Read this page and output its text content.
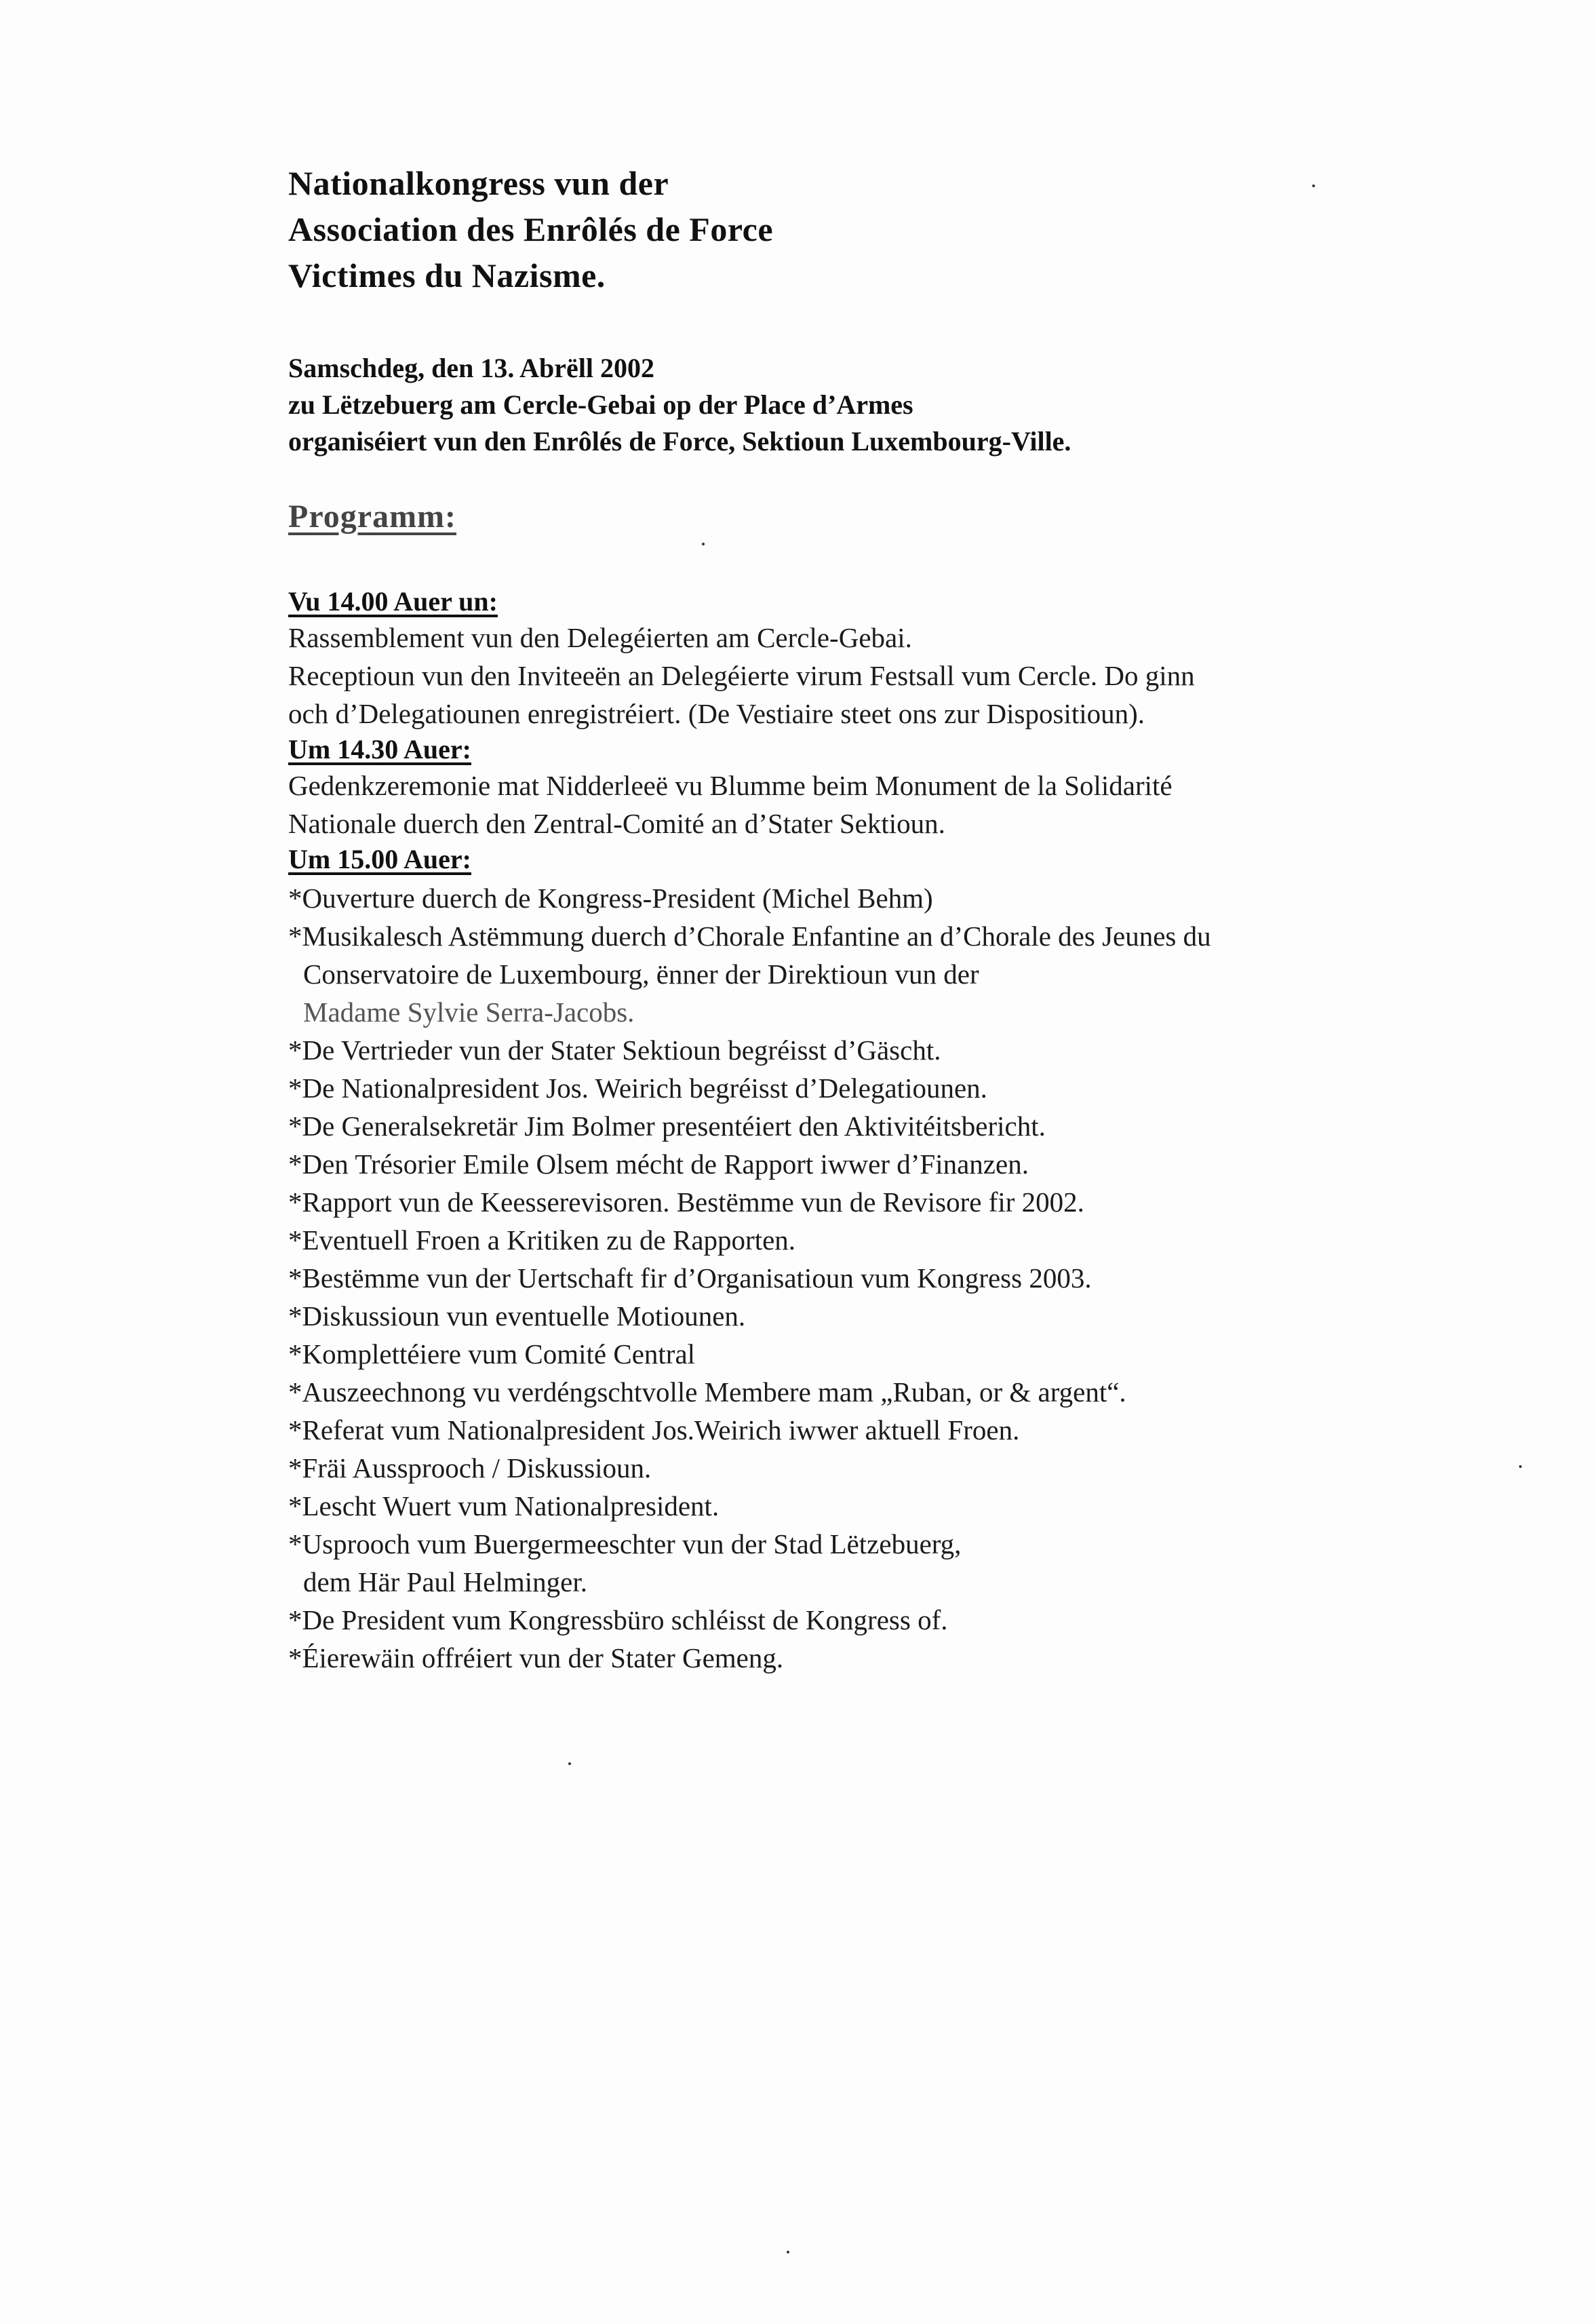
Nationalkongress vun der
Association des Enrôlés de Force
Victimes du Nazisme.
Samschdeg, den 13. Abrëll 2002
zu Lëtzebuerg am Cercle-Gebai op der Place d’Armes
organiséiert vun den Enrôlés de Force, Sektioun Luxembourg-Ville.
Programm:
Vu 14.00 Auer un:
Rassemblement vun den Delegéierten am Cercle-Gebai.
Receptioun vun den Inviteeën an Delegéierte virum Festsall vum Cercle. Do ginn
och d’Delegatiounen enregistréiert. (De Vestiaire steet ons zur Dispositioun).
Um 14.30 Auer:
Gedenkzeremonie mat Nidderleeë vu Blumme beim Monument de la Solidarité
Nationale duerch den Zentral-Comité an d’Stater Sektioun.
Um 15.00 Auer:
*Ouverture duerch de Kongress-President (Michel Behm)
*Musikalesch Astëmmung duerch d’Chorale Enfantine an d’Chorale des Jeunes du
Conservatoire de Luxembourg, ënner der Direktioun vun der
Madame Sylvie Serra-Jacobs.
*De Vertrieder vun der Stater Sektioun begréisst d’Gäscht.
*De Nationalpresident Jos. Weirich begréisst d’Delegatiounen.
*De Generalsekretär Jim Bolmer presentéiert den Aktivitéitsbericht.
*Den Trésorier Emile Olsem mécht de Rapport iwwer d’Finanzen.
*Rapport vun de Keesserevisoren. Bestëmme vun de Revisore fir 2002.
*Eventuell Froen a Kritiken zu de Rapporten.
*Bestëmme vun der Uertschaft fir d’Organisatioun vum Kongress 2003.
*Diskussioun vun eventuelle Motiounen.
*Komplettéiere vum Comité Central
*Auszeechnong vu verdéngschtvolle Membere mam „Ruban, or & argent“.
*Referat vum Nationalpresident Jos.Weirich iwwer aktuell Froen.
*Fräi Aussprooch / Diskussioun.
*Lescht Wuert vum Nationalpresident.
*Usprooch vum Buergermeeschter vun der Stad Lëtzebuerg,
dem Här Paul Helminger.
*De President vum Kongressbüro schléisst de Kongress of.
*Éierewäin offréiert vun der Stater Gemeng.
